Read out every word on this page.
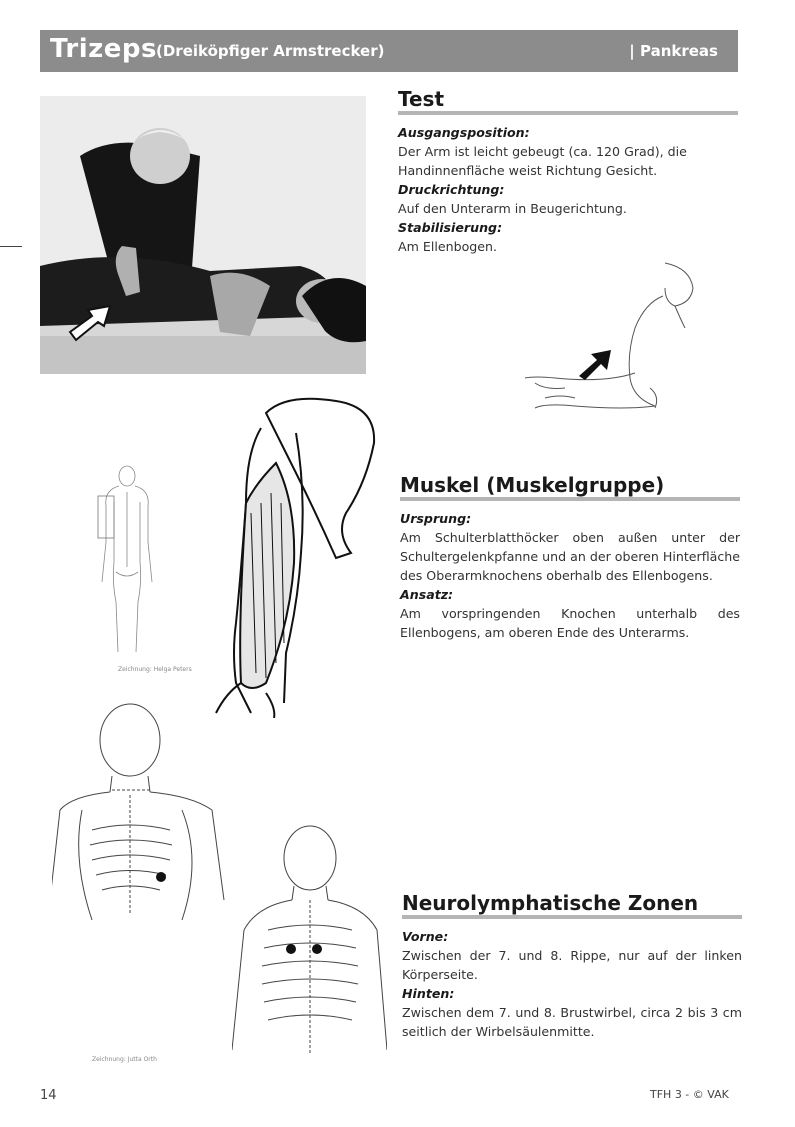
Trizeps (Dreiköpfiger Armstrecker)	| Pankreas
Test
Ausgangsposition:

Der Arm ist leicht gebeugt (ca. 120 Grad), die Handinnenfläche weist Richtung Gesicht.

Druckrichtung:

Auf den Unterarm in Beugerichtung.

Stabilisierung:

Am Ellenbogen.

Zeichnung: Helga Peters
Muskel (Muskelgruppe)
Ursprung:

Am Schulterblatthöcker oben außen unter der Schultergelenkpfanne und an der oberen Hinterfläche des Oberarmknochens oberhalb des Ellenbogens.

Ansatz:

Am vorspringenden Knochen unterhalb des Ellenbogens, am oberen Ende des Unterarms.

Zeichnung: Jutta Orth
Neurolymphatische Zonen
Vorne:

Zwischen der 7. und 8. Rippe, nur auf der linken Körperseite.

Hinten:

Zwischen dem 7. und 8. Brustwirbel, circa 2 bis 3 cm seitlich der Wirbelsäulenmitte.

14	TFH 3 - © VAK
